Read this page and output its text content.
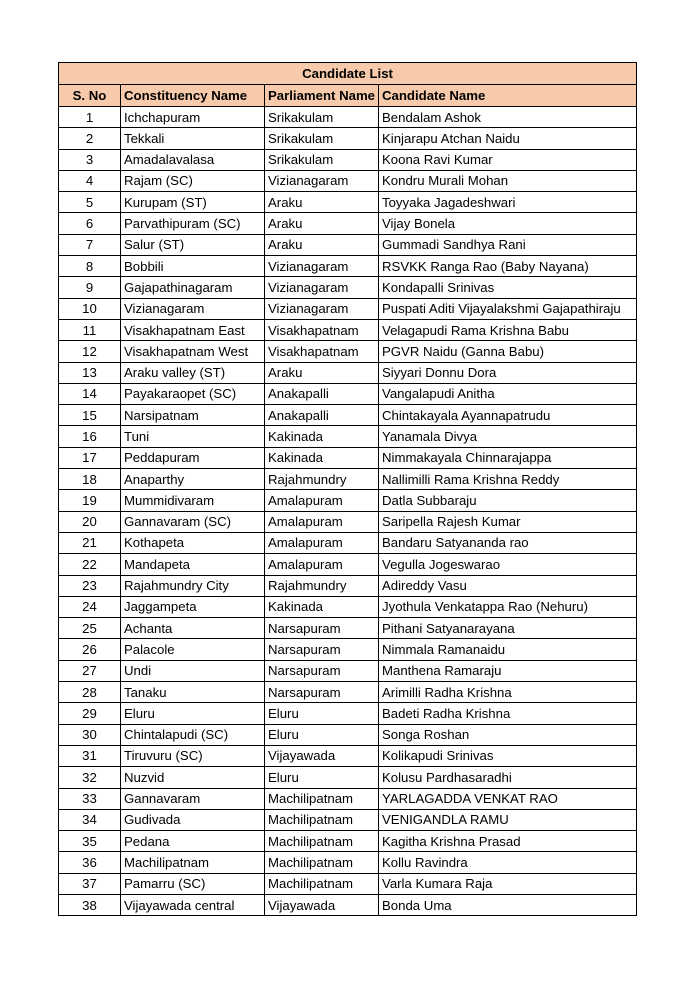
Candidate List			
S. No	Constituency Name	Parliament Name	Candidate Name
1	Ichchapuram	Srikakulam	Bendalam Ashok
2	Tekkali	Srikakulam	Kinjarapu Atchan Naidu
3	Amadalavalasa	Srikakulam	Koona Ravi Kumar
4	Rajam (SC)	Vizianagaram	Kondru Murali Mohan
5	Kurupam (ST)	Araku	Toyyaka Jagadeshwari
6	Parvathipuram (SC)	Araku	Vijay Bonela
7	Salur (ST)	Araku	Gummadi Sandhya Rani
8	Bobbili	Vizianagaram	RSVKK Ranga Rao (Baby Nayana)
9	Gajapathinagaram	Vizianagaram	Kondapalli Srinivas
10	Vizianagaram	Vizianagaram	Puspati Aditi Vijayalakshmi Gajapathiraju
11	Visakhapatnam East	Visakhapatnam	Velagapudi Rama Krishna Babu
12	Visakhapatnam West	Visakhapatnam	PGVR Naidu (Ganna Babu)
13	Araku valley (ST)	Araku	Siyyari Donnu Dora
14	Payakaraopet (SC)	Anakapalli	Vangalapudi Anitha
15	Narsipatnam	Anakapalli	Chintakayala Ayannapatrudu
16	Tuni	Kakinada	Yanamala Divya
17	Peddapuram	Kakinada	Nimmakayala Chinnarajappa
18	Anaparthy	Rajahmundry	Nallimilli Rama Krishna Reddy
19	Mummidivaram	Amalapuram	Datla Subbaraju
20	Gannavaram (SC)	Amalapuram	Saripella Rajesh Kumar
21	Kothapeta	Amalapuram	Bandaru Satyananda rao
22	Mandapeta	Amalapuram	Vegulla Jogeswarao
23	Rajahmundry City	Rajahmundry	Adireddy Vasu
24	Jaggampeta	Kakinada	Jyothula Venkatappa Rao (Nehuru)
25	Achanta	Narsapuram	Pithani Satyanarayana
26	Palacole	Narsapuram	Nimmala Ramanaidu
27	Undi	Narsapuram	Manthena Ramaraju
28	Tanaku	Narsapuram	Arimilli Radha Krishna
29	Eluru	Eluru	Badeti Radha Krishna
30	Chintalapudi (SC)	Eluru	Songa Roshan
31	Tiruvuru (SC)	Vijayawada	Kolikapudi Srinivas
32	Nuzvid	Eluru	Kolusu Pardhasaradhi
33	Gannavaram	Machilipatnam	YARLAGADDA VENKAT RAO
34	Gudivada	Machilipatnam	VENIGANDLA RAMU
35	Pedana	Machilipatnam	Kagitha Krishna Prasad
36	Machilipatnam	Machilipatnam	Kollu Ravindra
37	Pamarru (SC)	Machilipatnam	Varla Kumara Raja
38	Vijayawada central	Vijayawada	Bonda Uma
